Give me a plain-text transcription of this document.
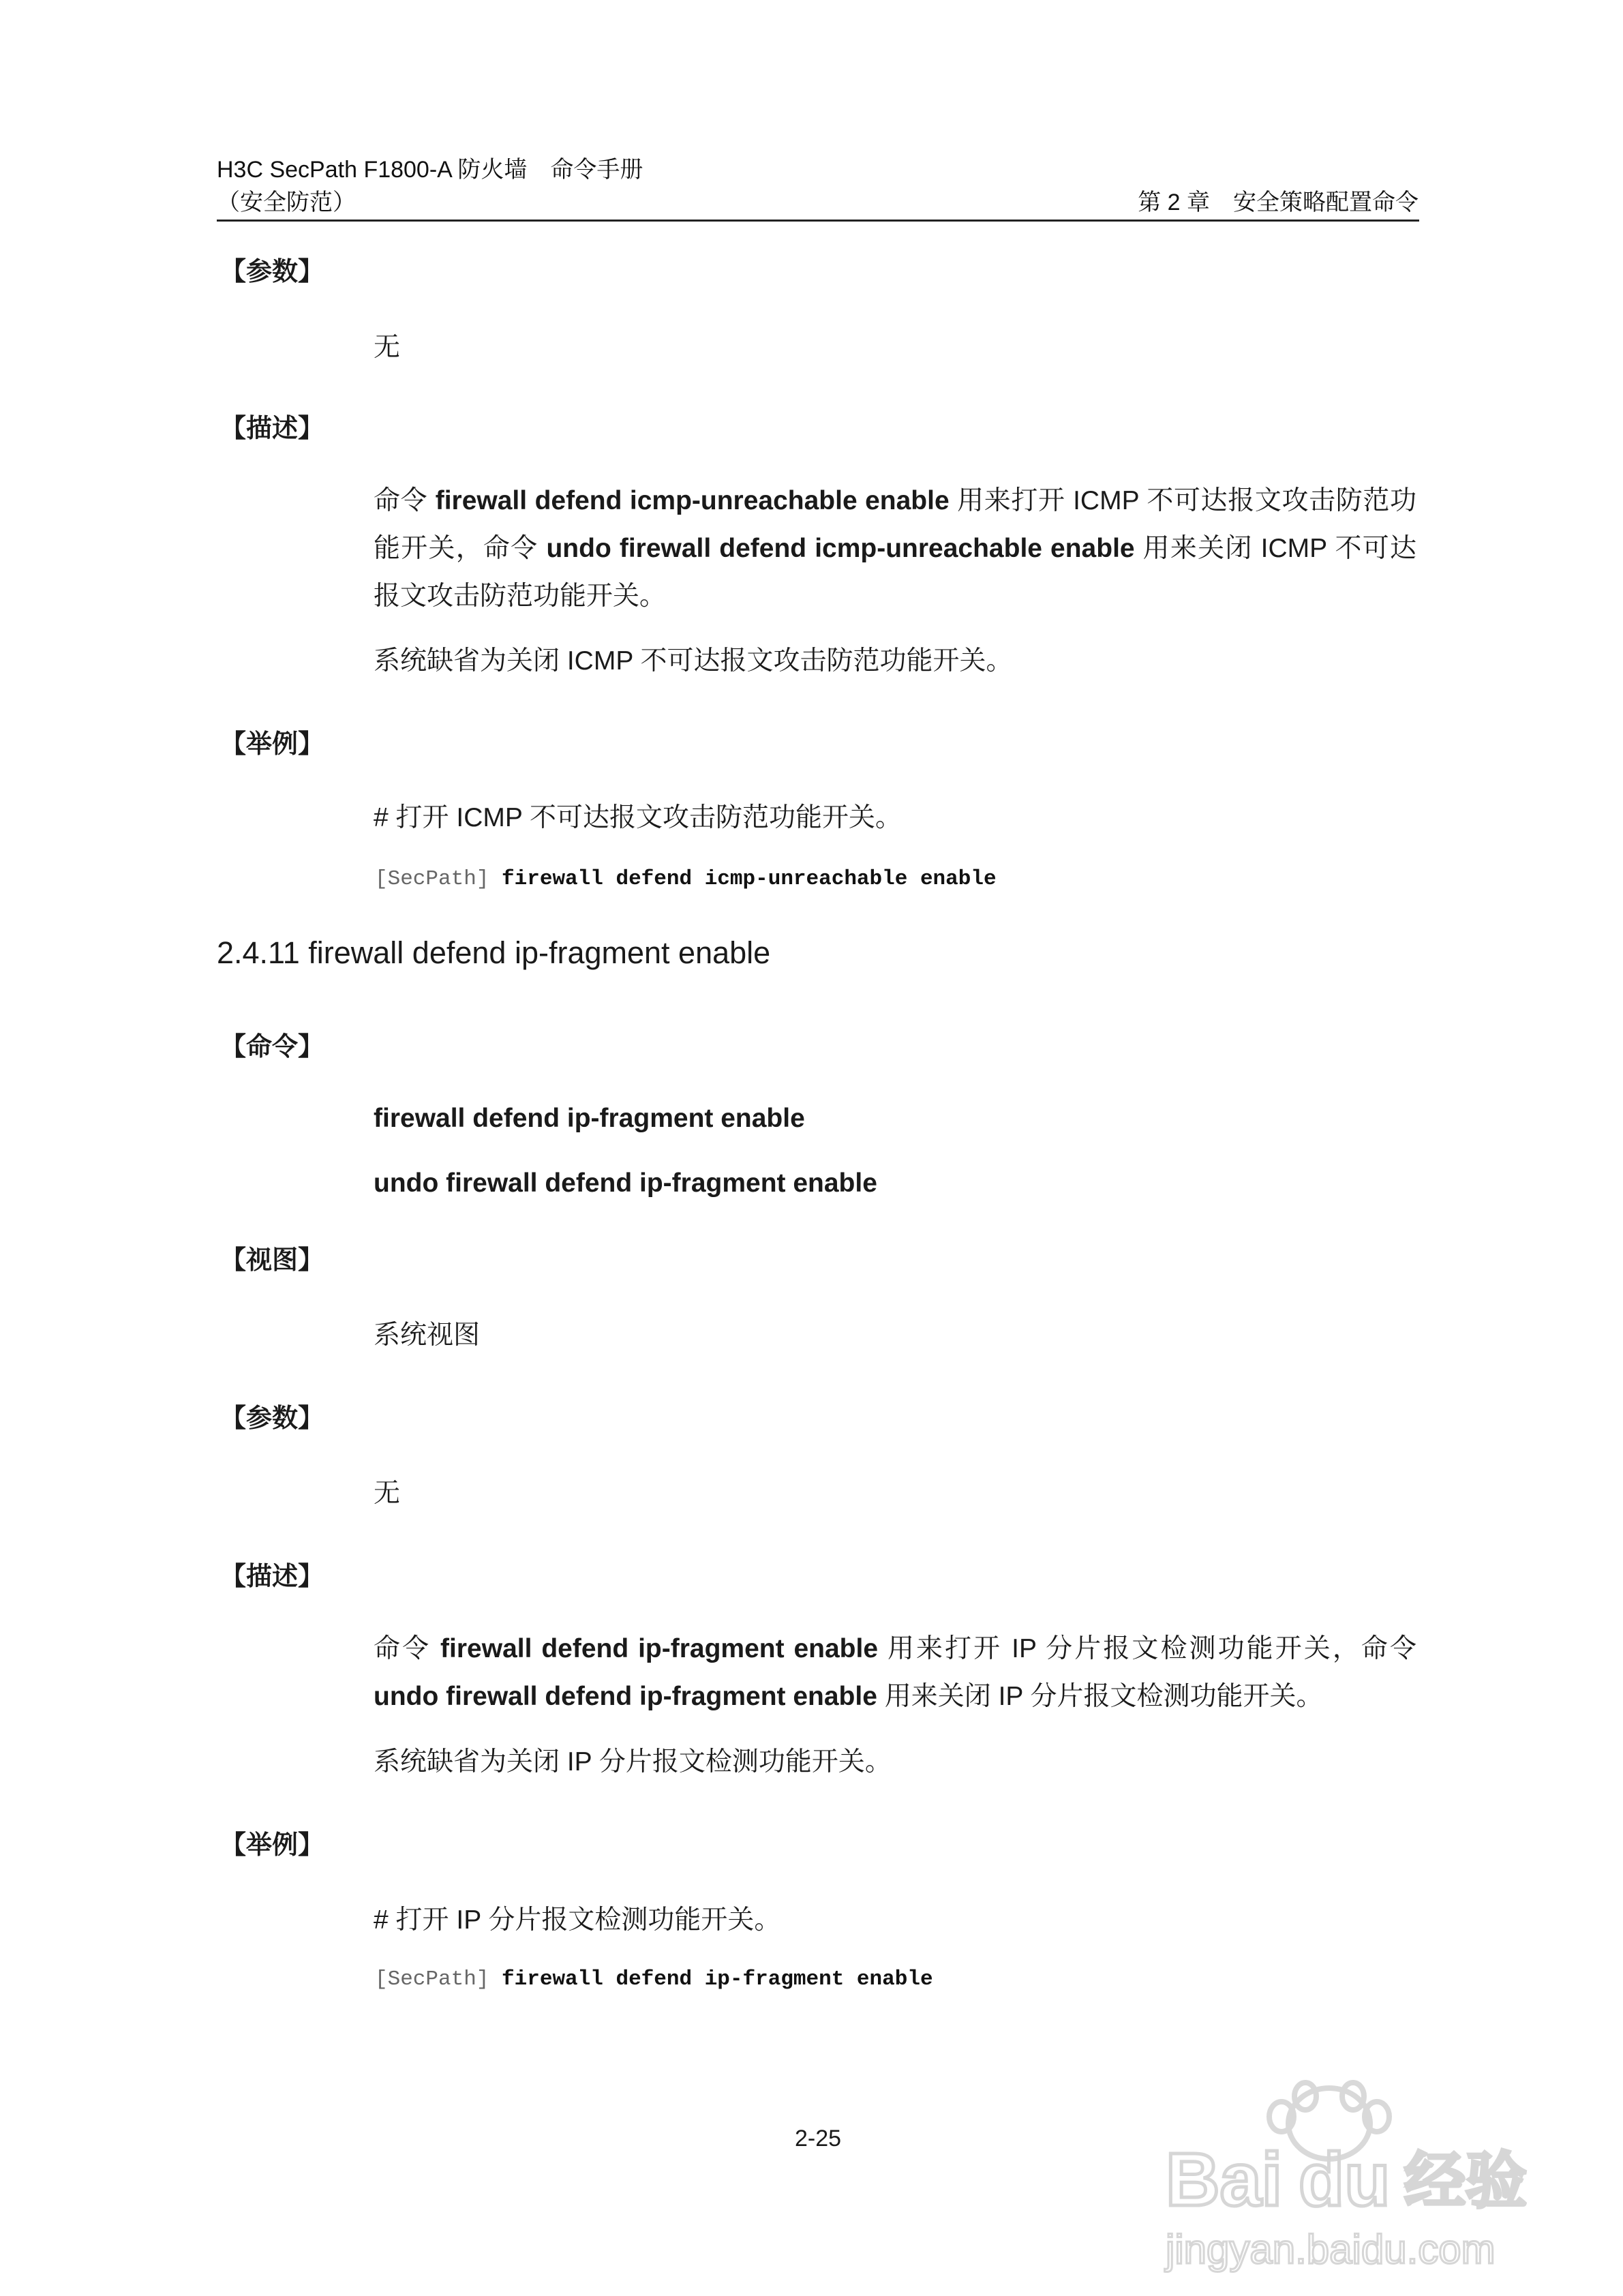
H3C SecPath F1800-A 防火墙　命令手册
（安全防范）	第 2 章　安全策略配置命令
【参数】
无
【描述】
命令 firewall defend icmp-unreachable enable 用来打开 ICMP 不可达报文攻击防范功能开关，命令 undo firewall defend icmp-unreachable enable 用来关闭 ICMP 不可达报文攻击防范功能开关。
系统缺省为关闭 ICMP 不可达报文攻击防范功能开关。
【举例】
# 打开 ICMP 不可达报文攻击防范功能开关。
[SecPath] firewall defend icmp-unreachable enable
2.4.11 firewall defend ip-fragment enable
【命令】
firewall defend ip-fragment enable
undo firewall defend ip-fragment enable
【视图】
系统视图
【参数】
无
【描述】
命令 firewall defend ip-fragment enable 用来打开 IP 分片报文检测功能开关，命令 undo firewall defend ip-fragment enable 用来关闭 IP 分片报文检测功能开关。
系统缺省为关闭 IP 分片报文检测功能开关。
【举例】
# 打开 IP 分片报文检测功能开关。
[SecPath] firewall defend ip-fragment enable
2-25	Bai du 经验
jingyan.baidu.com
